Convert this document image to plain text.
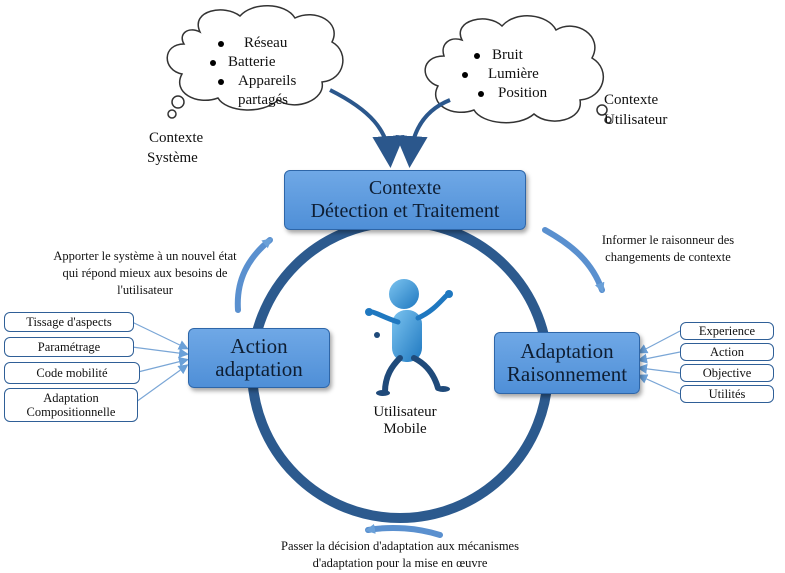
Réseau
Batterie
Appareils partagés
Bruit
Lumière
Position
Contexte
Système
Contexte
Utilisateur
Contexte
Détection et Traitement
Action
adaptation
Adaptation
Raisonnement
Apporter le système à un nouvel état
qui répond mieux aux besoins de
l'utilisateur
Informer le raisonneur des
changements de contexte
Passer la décision d'adaptation aux mécanismes
d'adaptation pour la mise en œuvre
Utilisateur
Mobile
Tissage d'aspects
Paramétrage
Code mobilité
Adaptation Compositionnelle
Experience
Action
Objective
Utilités
